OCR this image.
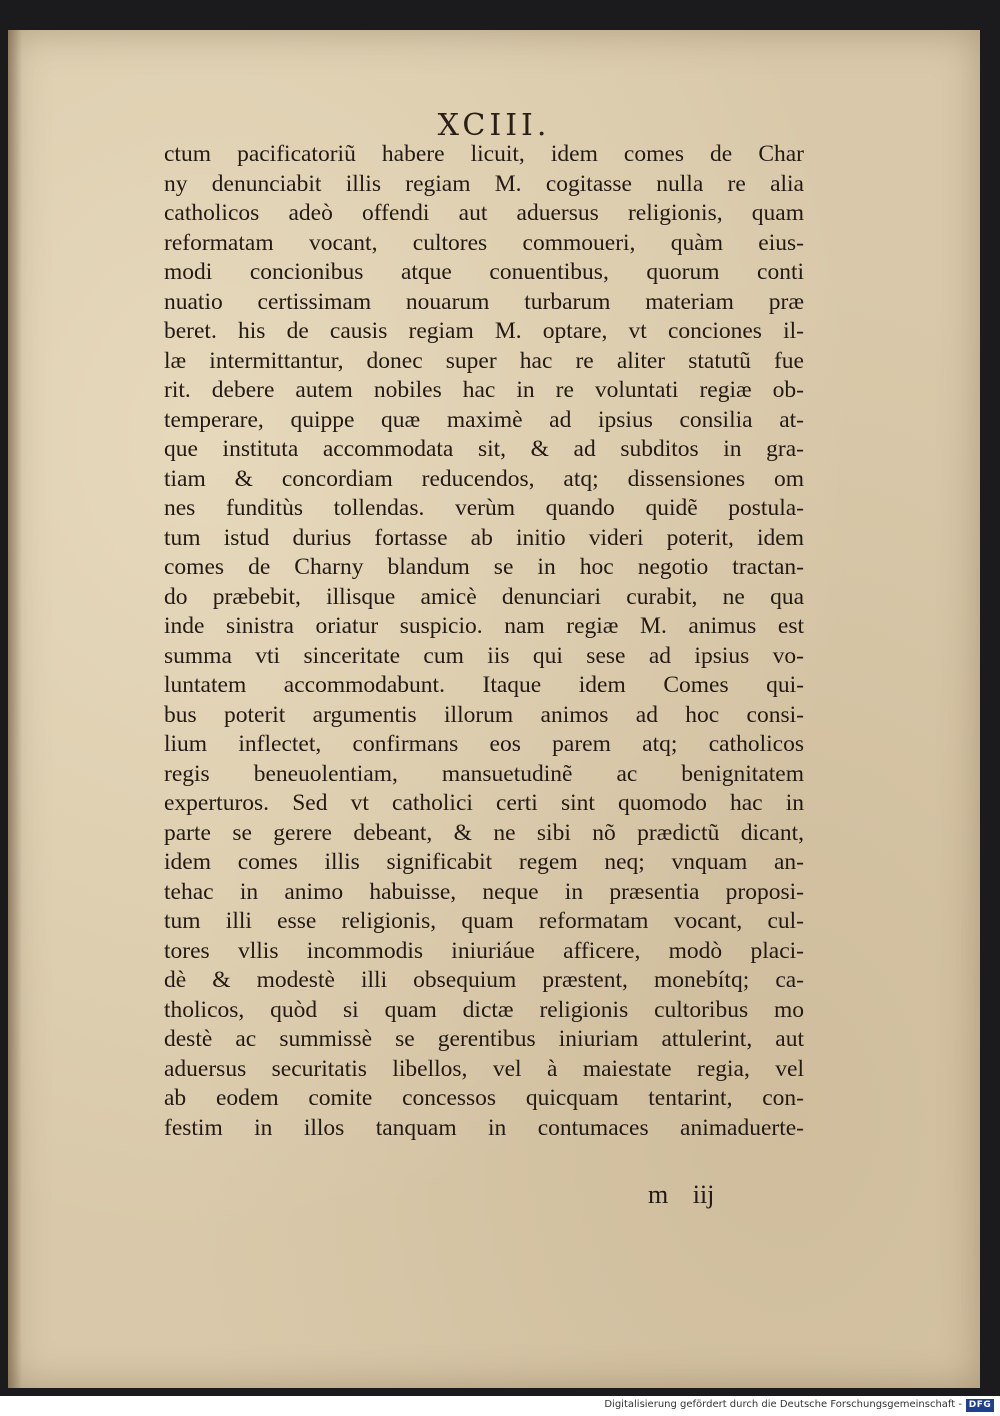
XCIII.
ctum pacificatoriũ habere licuit, idem comes de Char
ny denunciabit illis regiam M. cogitasse nulla re alia
catholicos adeò offendi aut aduersus religionis, quam
reformatam vocant, cultores commoueri, quàm eius-
modi concionibus atque conuentibus, quorum conti
nuatio certissimam nouarum turbarum materiam præ
beret. his de causis regiam M. optare, vt conciones il-
læ intermittantur, donec super hac re aliter statutũ fue
rit. debere autem nobiles hac in re voluntati regiæ ob-
temperare, quippe quæ maximè ad ipsius consilia at-
que instituta accommodata sit, & ad subditos in gra-
tiam & concordiam reducendos, atq; dissensiones om
nes funditùs tollendas. verùm quando quidẽ postula-
tum istud durius fortasse ab initio videri poterit, idem
comes de Charny blandum se in hoc negotio tractan-
do præbebit, illisque amicè denunciari curabit, ne qua
inde sinistra oriatur suspicio. nam regiæ M. animus est
summa vti sinceritate cum iis qui sese ad ipsius vo-
luntatem accommodabunt. Itaque idem Comes qui-
bus poterit argumentis illorum animos ad hoc consi-
lium inflectet, confirmans eos parem atq; catholicos
regis beneuolentiam, mansuetudinẽ ac benignitatem
experturos. Sed vt catholici certi sint quomodo hac in
parte se gerere debeant, & ne sibi nõ prædictũ dicant,
idem comes illis significabit regem neq; vnquam an-
tehac in animo habuisse, neque in præsentia proposi-
tum illi esse religionis, quam reformatam vocant, cul-
tores vllis incommodis iniuriáue afficere, modò placi-
dè & modestè illi obsequium præstent, monebítq; ca-
tholicos, quòd si quam dictæ religionis cultoribus mo
destè ac summissè se gerentibus iniuriam attulerint, aut
aduersus securitatis libellos, vel à maiestate regia, vel
ab eodem comite concessos quicquam tentarint, con-
festim in illos tanquam in contumaces animaduerte-
m iij
Digitalisierung gefördert durch die Deutsche Forschungsgemeinschaft - DFG
